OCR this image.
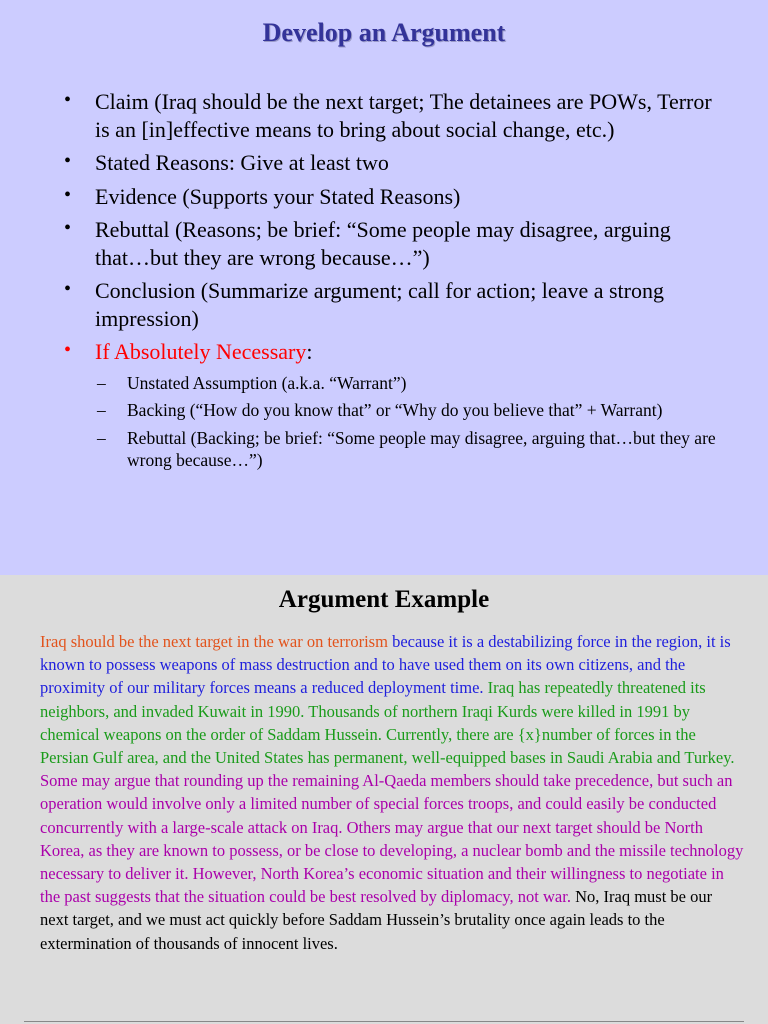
Develop an Argument
• Claim (Iraq should be the next target; The detainees are POWs, Terror is an [in]effective means to bring about social change, etc.)
• Stated Reasons: Give at least two
• Evidence (Supports your Stated Reasons)
• Rebuttal (Reasons; be brief: “Some people may disagree, arguing that…but they are wrong because…”)
• Conclusion (Summarize argument; call for action; leave a strong impression)
• If Absolutely Necessary:
– Unstated Assumption (a.k.a. “Warrant”)
– Backing (“How do you know that” or “Why do you believe that” + Warrant)
– Rebuttal (Backing; be brief: “Some people may disagree, arguing that…but they are wrong because…”)
Argument Example

Iraq should be the next target in the war on terrorism because it is a destabilizing force in the region, it is known to possess weapons of mass destruction and to have used them on its own citizens, and the proximity of our military forces means a reduced deployment time. Iraq has repeatedly threatened its neighbors, and invaded Kuwait in 1990. Thousands of northern Iraqi Kurds were killed in 1991 by chemical weapons on the order of Saddam Hussein. Currently, there are {x}number of forces in the Persian Gulf area, and the United States has permanent, well-equipped bases in Saudi Arabia and Turkey. Some may argue that rounding up the remaining Al-Qaeda members should take precedence, but such an operation would involve only a limited number of special forces troops, and could easily be conducted concurrently with a large-scale attack on Iraq. Others may argue that our next target should be North Korea, as they are known to possess, or be close to developing, a nuclear bomb and the missile technology necessary to deliver it. However, North Korea’s economic situation and their willingness to negotiate in the past suggests that the situation could be best resolved by diplomacy, not war. No, Iraq must be our next target, and we must act quickly before Saddam Hussein’s brutality once again leads to the extermination of thousands of innocent lives.
